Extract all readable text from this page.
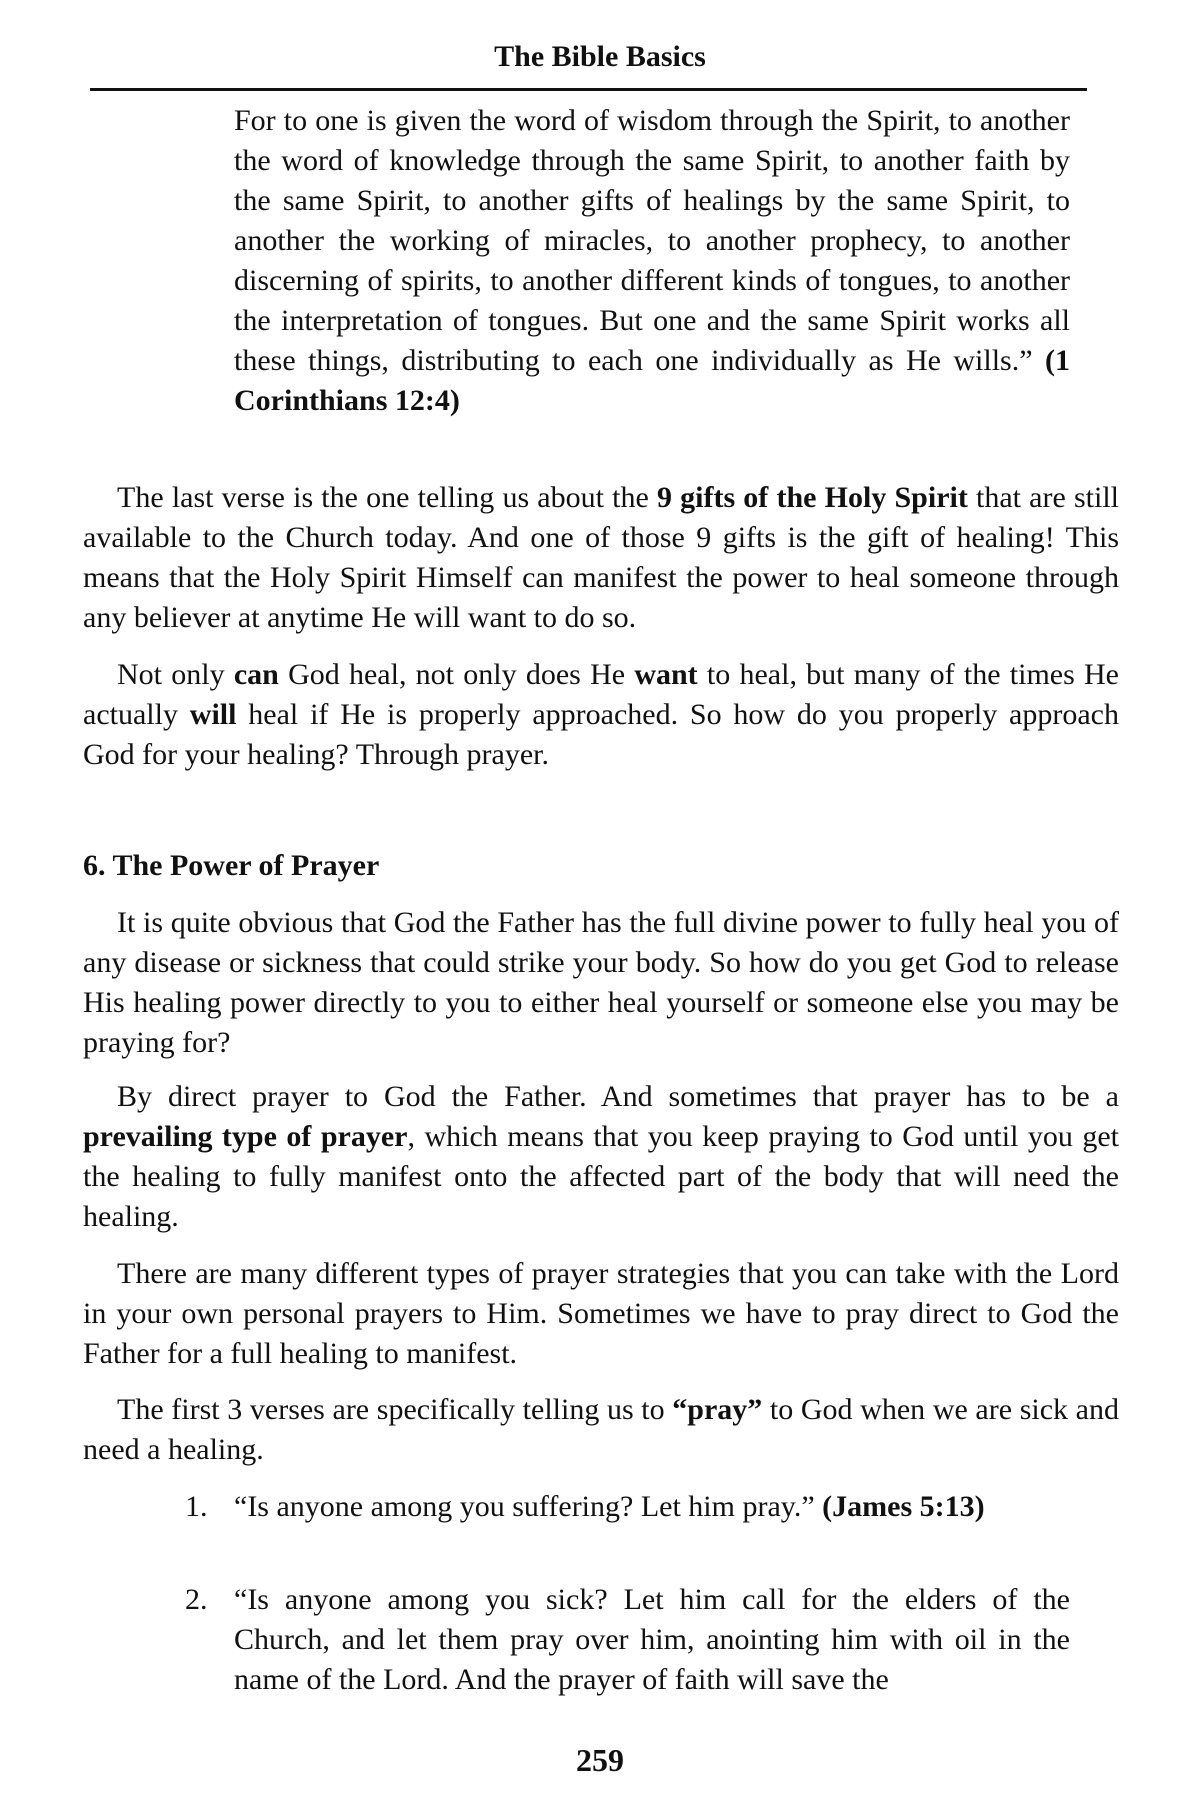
The Bible Basics
For to one is given the word of wisdom through the Spirit, to another the word of knowledge through the same Spirit, to another faith by the same Spirit, to another gifts of healings by the same Spirit, to another the working of miracles, to another prophecy, to another discerning of spirits, to another different kinds of tongues, to another the interpretation of tongues. But one and the same Spirit works all these things, distributing to each one individually as He wills.” (1 Corinthians 12:4)
The last verse is the one telling us about the 9 gifts of the Holy Spirit that are still available to the Church today. And one of those 9 gifts is the gift of healing! This means that the Holy Spirit Himself can manifest the power to heal someone through any believer at anytime He will want to do so.
Not only can God heal, not only does He want to heal, but many of the times He actually will heal if He is properly approached. So how do you properly approach God for your healing? Through prayer.
6. The Power of Prayer
It is quite obvious that God the Father has the full divine power to fully heal you of any disease or sickness that could strike your body. So how do you get God to release His healing power directly to you to either heal yourself or someone else you may be praying for?
By direct prayer to God the Father. And sometimes that prayer has to be a prevailing type of prayer, which means that you keep praying to God until you get the healing to fully manifest onto the affected part of the body that will need the healing.
There are many different types of prayer strategies that you can take with the Lord in your own personal prayers to Him. Sometimes we have to pray direct to God the Father for a full healing to manifest.
The first 3 verses are specifically telling us to “pray” to God when we are sick and need a healing.
1. “Is anyone among you suffering? Let him pray.” (James 5:13)
2. “Is anyone among you sick? Let him call for the elders of the Church, and let them pray over him, anointing him with oil in the name of the Lord. And the prayer of faith will save the
259
